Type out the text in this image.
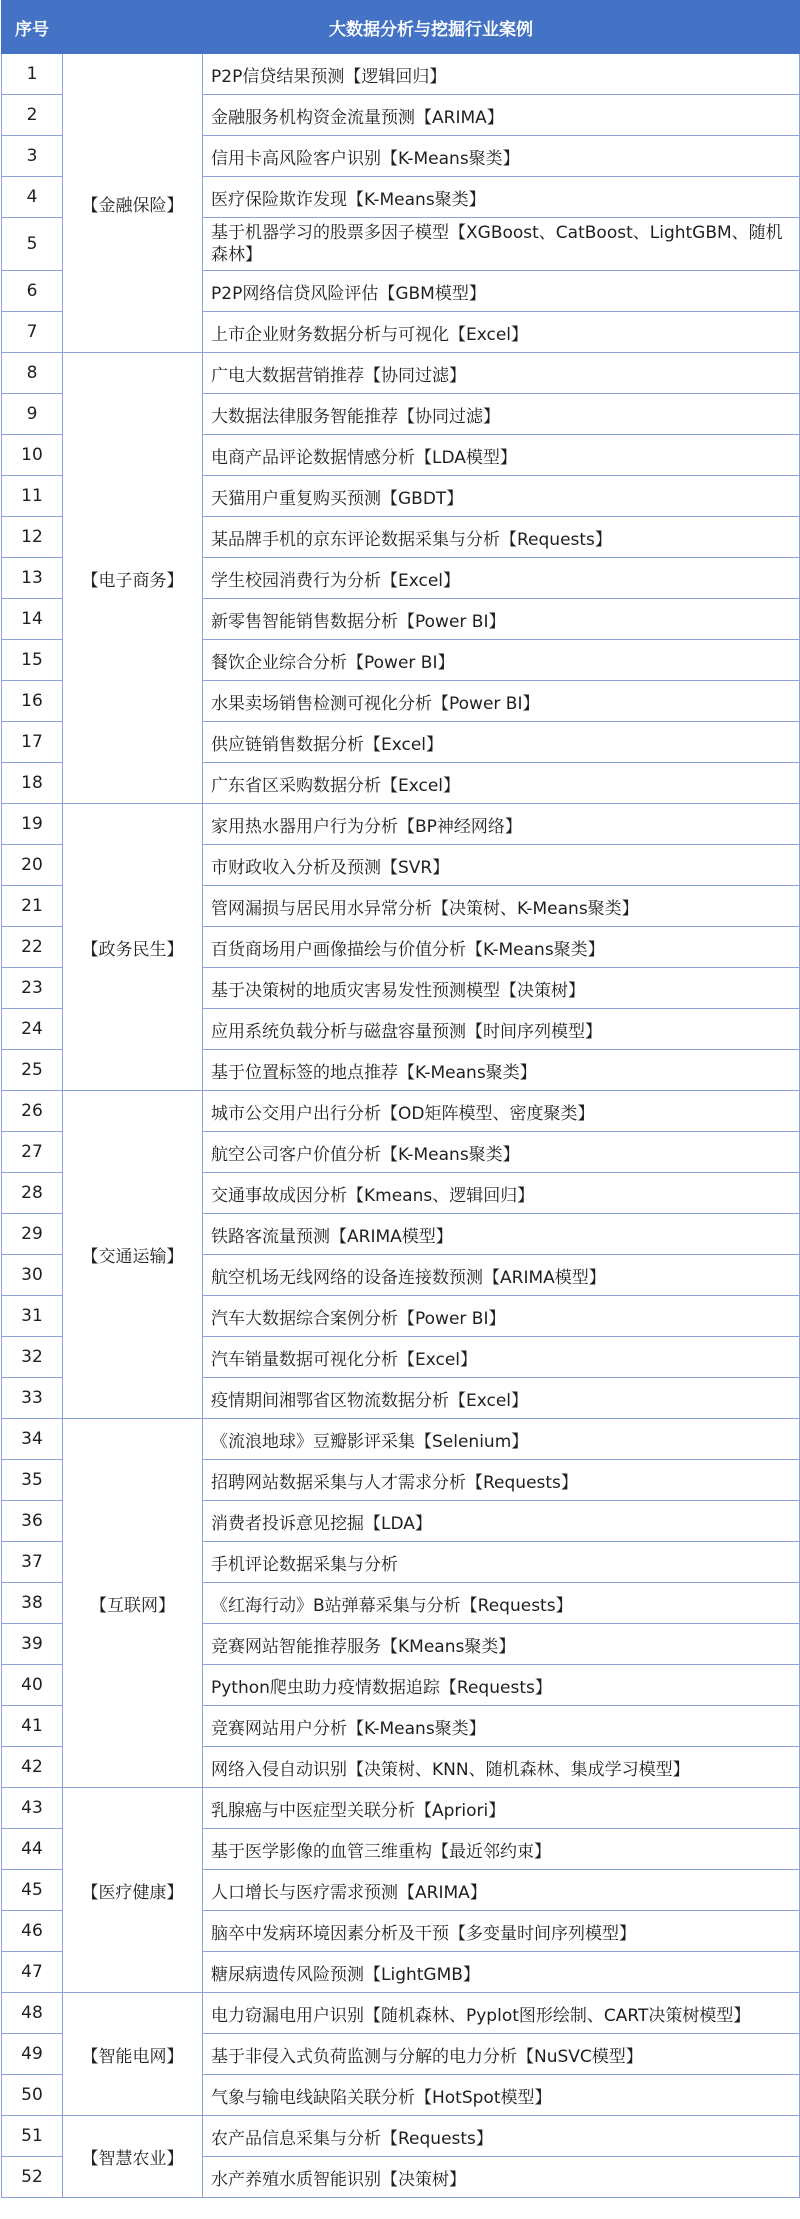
序号	大数据分析与挖掘行业案例	
1	【金融保险】	P2P信贷结果预测【逻辑回归】
2		金融服务机构资金流量预测【ARIMA】
3		信用卡高风险客户识别【K-Means聚类】
4		医疗保险欺诈发现【K-Means聚类】
5		基于机器学习的股票多因子模型【XGBoost、CatBoost、LightGBM、随机森林】
6		P2P网络信贷风险评估【GBM模型】
7		上市企业财务数据分析与可视化【Excel】
8	【电子商务】	广电大数据营销推荐【协同过滤】
9		大数据法律服务智能推荐【协同过滤】
10		电商产品评论数据情感分析【LDA模型】
11		天猫用户重复购买预测【GBDT】
12		某品牌手机的京东评论数据采集与分析【Requests】
13		学生校园消费行为分析【Excel】
14		新零售智能销售数据分析【Power BI】
15		餐饮企业综合分析【Power BI】
16		水果卖场销售检测可视化分析【Power BI】
17		供应链销售数据分析【Excel】
18		广东省区采购数据分析【Excel】
19	【政务民生】	家用热水器用户行为分析【BP神经网络】
20		市财政收入分析及预测【SVR】
21		管网漏损与居民用水异常分析【决策树、K-Means聚类】
22		百货商场用户画像描绘与价值分析【K-Means聚类】
23		基于决策树的地质灾害易发性预测模型【决策树】
24		应用系统负载分析与磁盘容量预测【时间序列模型】
25		基于位置标签的地点推荐【K-Means聚类】
26	【交通运输】	城市公交用户出行分析【OD矩阵模型、密度聚类】
27		航空公司客户价值分析【K-Means聚类】
28		交通事故成因分析【Kmeans、逻辑回归】
29		铁路客流量预测【ARIMA模型】
30		航空机场无线网络的设备连接数预测【ARIMA模型】
31		汽车大数据综合案例分析【Power BI】
32		汽车销量数据可视化分析【Excel】
33		疫情期间湘鄂省区物流数据分析【Excel】
34	【互联网】	《流浪地球》豆瓣影评采集【Selenium】
35		招聘网站数据采集与人才需求分析【Requests】
36		消费者投诉意见挖掘【LDA】
37		手机评论数据采集与分析
38		《红海行动》B站弹幕采集与分析【Requests】
39		竞赛网站智能推荐服务【KMeans聚类】
40		Python爬虫助力疫情数据追踪【Requests】
41		竞赛网站用户分析【K-Means聚类】
42		网络入侵自动识别【决策树、KNN、随机森林、集成学习模型】
43	【医疗健康】	乳腺癌与中医症型关联分析【Apriori】
44		基于医学影像的血管三维重构【最近邻约束】
45		人口增长与医疗需求预测【ARIMA】
46		脑卒中发病环境因素分析及干预【多变量时间序列模型】
47		糖尿病遗传风险预测【LightGMB】
48	【智能电网】	电力窃漏电用户识别【随机森林、Pyplot图形绘制、CART决策树模型】
49		基于非侵入式负荷监测与分解的电力分析【NuSVC模型】
50		气象与输电线缺陷关联分析【HotSpot模型】
51	【智慧农业】	农产品信息采集与分析【Requests】
52		水产养殖水质智能识别【决策树】
